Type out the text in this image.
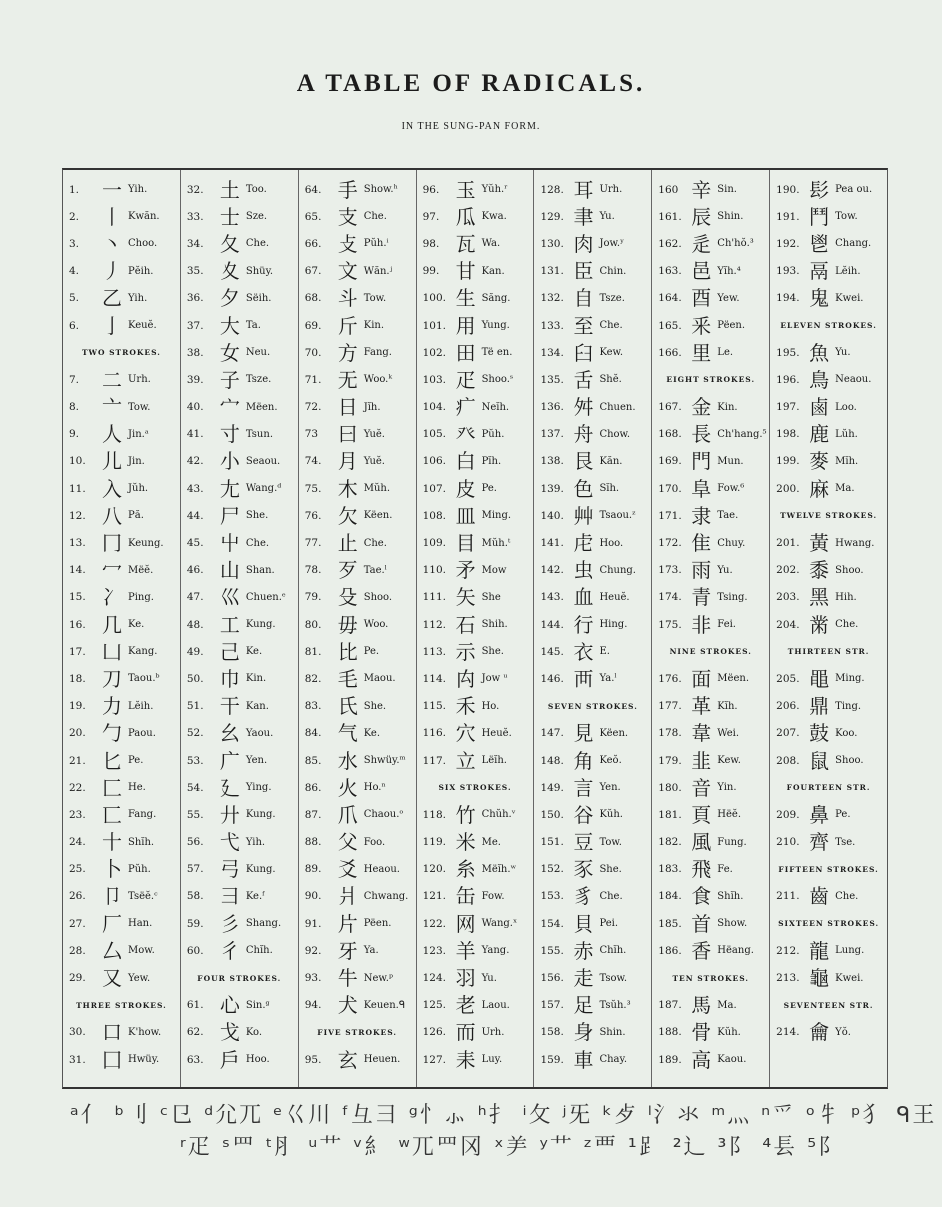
A TABLE OF RADICALS.
IN THE SUNG-PAN FORM.
1.	一 Yih.
2.	丨 Kwăn.
3.	丶 Choo.
4.	丿 Pĕih.
5.	乙 Yih.
6.	亅 Keuĕ.
TWO STROKES.
7.	二 Urh.
8.	亠 Tow.
9.	人 Jin.ᵃ
10. 儿 Jin.
11. 入 Jŭh.
12. 八 Pă.
13. 冂 Keung.
14. 冖 Mëĕ.
15. 冫 Ping.
16. 几 Ke.
17. 凵 Kang.
18. 刀 Taou.ᵇ
19. 力 Lĕih.
20. 勹 Paou.
21. 匕 Pe.
22. 匚 He.
23. 匸 Fang.
24. 十 Shĭh.
25. 卜 Pŭh.
26. 卩 Tsëĕ.ᶜ
27. 厂 Han.
28. 厶 Mow.
29. 又 Yew.
THREE STROKES.
30. 口 K'how.
31. 囗 Hwüy.
32. 土 Too.
33. 士 Sze.
34. 夂 Che.
35. 夊 Shüy.
36. 夕 Sëih.
37. 大 Ta.
38. 女 Neu.
39. 子 Tsze.
40. 宀 Mëen.
41. 寸 Tsun.
42. 小 Seaou.
43. 尢 Wang.ᵈ
44. 尸 She.
45. 屮 Che.
46. 山 Shan.
47. 巛 Chuen.ᵉ
48. 工 Kung.
49. 己 Ke.
50. 巾 Kin.
51. 干 Kan.
52. 幺 Yaou.
53. 广 Yen.
54. 廴 Ying.
55. 廾 Kung.
56. 弋 Yih.
57. 弓 Kung.
58. 彐 Ke.ᶠ
59. 彡 Shang.
60. 彳 Chĭh.
FOUR STROKES.
61. 心 Sin.ᵍ
62. 戈 Ko.
63. 戶 Hoo.
64. 手 Show.ʰ
65. 支 Che.
66. 攴 Pŭh.ⁱ
67. 文 Wăn.ʲ
68. 斗 Tow.
69. 斤 Kin.
70. 方 Fang.
71. 无 Woo.ᵏ
72. 日 Jĭh.
73 曰 Yuĕ.
74. 月 Yuĕ.
75. 木 Mŭh.
76. 欠 Këen.
77. 止 Che.
78. 歹 Tae.ˡ
79. 殳 Shoo.
80. 毋 Woo.
81. 比 Pe.
82. 毛 Maou.
83. 氏 She.
84. 气 Ke.
85. 水 Shwüy.ᵐ
86. 火 Ho.ⁿ
87. 爪 Chaou.ᵒ
88. 父 Foo.
89. 爻 Heaou.
90. 爿 Chwang.
91. 片 Pëen.
92. 牙 Ya.
93. 牛 New.ᵖ
94. 犬 Keuen.ᑫ
FIVE STROKES.
95. 玄 Heuen.
96. 玉 Yŭh.ʳ
97. 瓜 Kwa.
98. 瓦 Wa.
99. 甘 Kan.
100. 生 Săng.
101. 用 Yung.
102. 田 Të en.
103. 疋 Shoo.ˢ
104. 疒 Neĭh.
105. 癶 Pŭh.
106. 白 Pĭh.
107. 皮 Pe.
108. 皿 Ming.
109. 目 Mŭh.ᵗ
110. 矛 Mow
111. 矢 She
112. 石 Shih.
113. 示 She.
114. 禸 Jow ᵘ
115. 禾 Ho.
116. 穴 Heuĕ.
117. 立 Lëĭh.
SIX STROKES.
118. 竹 Chŭh.ᵛ
119. 米 Me.
120. 糸 Mëĭh.ʷ
121. 缶 Fow.
122. 网 Wang.ˣ
123. 羊 Yang.
124. 羽 Yu.
125. 老 Laou.
126. 而 Urh.
127. 耒 Luy.
128. 耳 Urh.
129. 聿 Yu.
130. 肉 Jow.ʸ
131. 臣 Chin.
132. 自 Tsze.
133. 至 Che.
134. 臼 Kew.
135. 舌 Shĕ.
136. 舛 Chuen.
137. 舟 Chow.
138. 艮 Kăn.
139. 色 Sĭh.
140. 艸 Tsaou.ᶻ
141. 虍 Hoo.
142. 虫 Chung.
143. 血 Heuĕ.
144. 行 Hing.
145. 衣 E.
146. 襾 Ya.ˡ
SEVEN STROKES.
147. 見 Këen.
148. 角 Keŏ.
149. 言 Yen.
150. 谷 Kŭh.
151. 豆 Tow.
152. 豕 She.
153. 豸 Che.
154. 貝 Pei.
155. 赤 Chĭh.
156. 走 Tsow.
157. 足 Tsŭh.³
158. 身 Shin.
159. 車 Chay.
160 辛 Sin.
161. 辰 Shin.
162. 辵 Ch'hŏ.³
163. 邑 Yĭh.⁴
164. 酉 Yew.
165. 釆 Pëen.
166. 里 Le.
EIGHT STROKES.
167. 金 Kin.
168. 長 Ch'hang.⁵
169. 門 Mun.
170. 阜 Fow.⁶
171. 隶 Tae.
172. 隹 Chuy.
173. 雨 Yu.
174. 青 Tsing.
175. 非 Fei.
NINE STROKES.
176. 面 Mëen.
177. 革 Kĭh.
178. 韋 Wei.
179. 韭 Kew.
180. 音 Yin.
181. 頁 Hëĕ.
182. 風 Fung.
183. 飛 Fe.
184. 食 Shĭh.
185. 首 Show.
186. 香 Hëang.
TEN STROKES.
187. 馬 Ma.
188. 骨 Kŭh.
189. 高 Kaou.
190. 髟 Pea ou.
191. 鬥 Tow.
192. 鬯 Chang.
193. 鬲 Lĕih.
194. 鬼 Kwei.
ELEVEN STROKES.
195. 魚 Yu.
196. 鳥 Neaou.
197. 鹵 Loo.
198. 鹿 Lŭh.
199. 麥 Mĭh.
200. 麻 Ma.
TWELVE STROKES.
201. 黃 Hwang.
202. 黍 Shoo.
203. 黑 Hih.
204. 黹 Che.
THIRTEEN STR.
205. 黽 Ming.
206. 鼎 Ting.
207. 鼓 Koo.
208. 鼠 Shoo.
FOURTEEN STR.
209. 鼻 Pe.
210. 齊 Tse.
FIFTEEN STROKES.
211. 齒 Che.
SIXTEEN STROKES.
212. 龍 Lung.
213. 龜 Kwei.
SEVENTEEN STR.
214. 龠 Yŏ.
ᵃ亻 ᵇ刂 ᶜ㔾 ᵈ尣兀 ᵉ巜川 ᶠ彑彐 ᵍ忄⺗ ʰ扌 ⁱ攵 ʲ旡 ᵏ歺 ˡ氵氺 ᵐ灬 ⁿ爫 ᵒ牜 ᵖ犭 ᑫ王
ʳ疋 ˢ罒 ᵗ⺼ ᵘ艹 ᵛ糹 ʷ兀罒冈 ˣ⺶ ʸ艹 ᶻ覀 ¹⻊ ²辶 ³阝 ⁴镸 ⁵阝
